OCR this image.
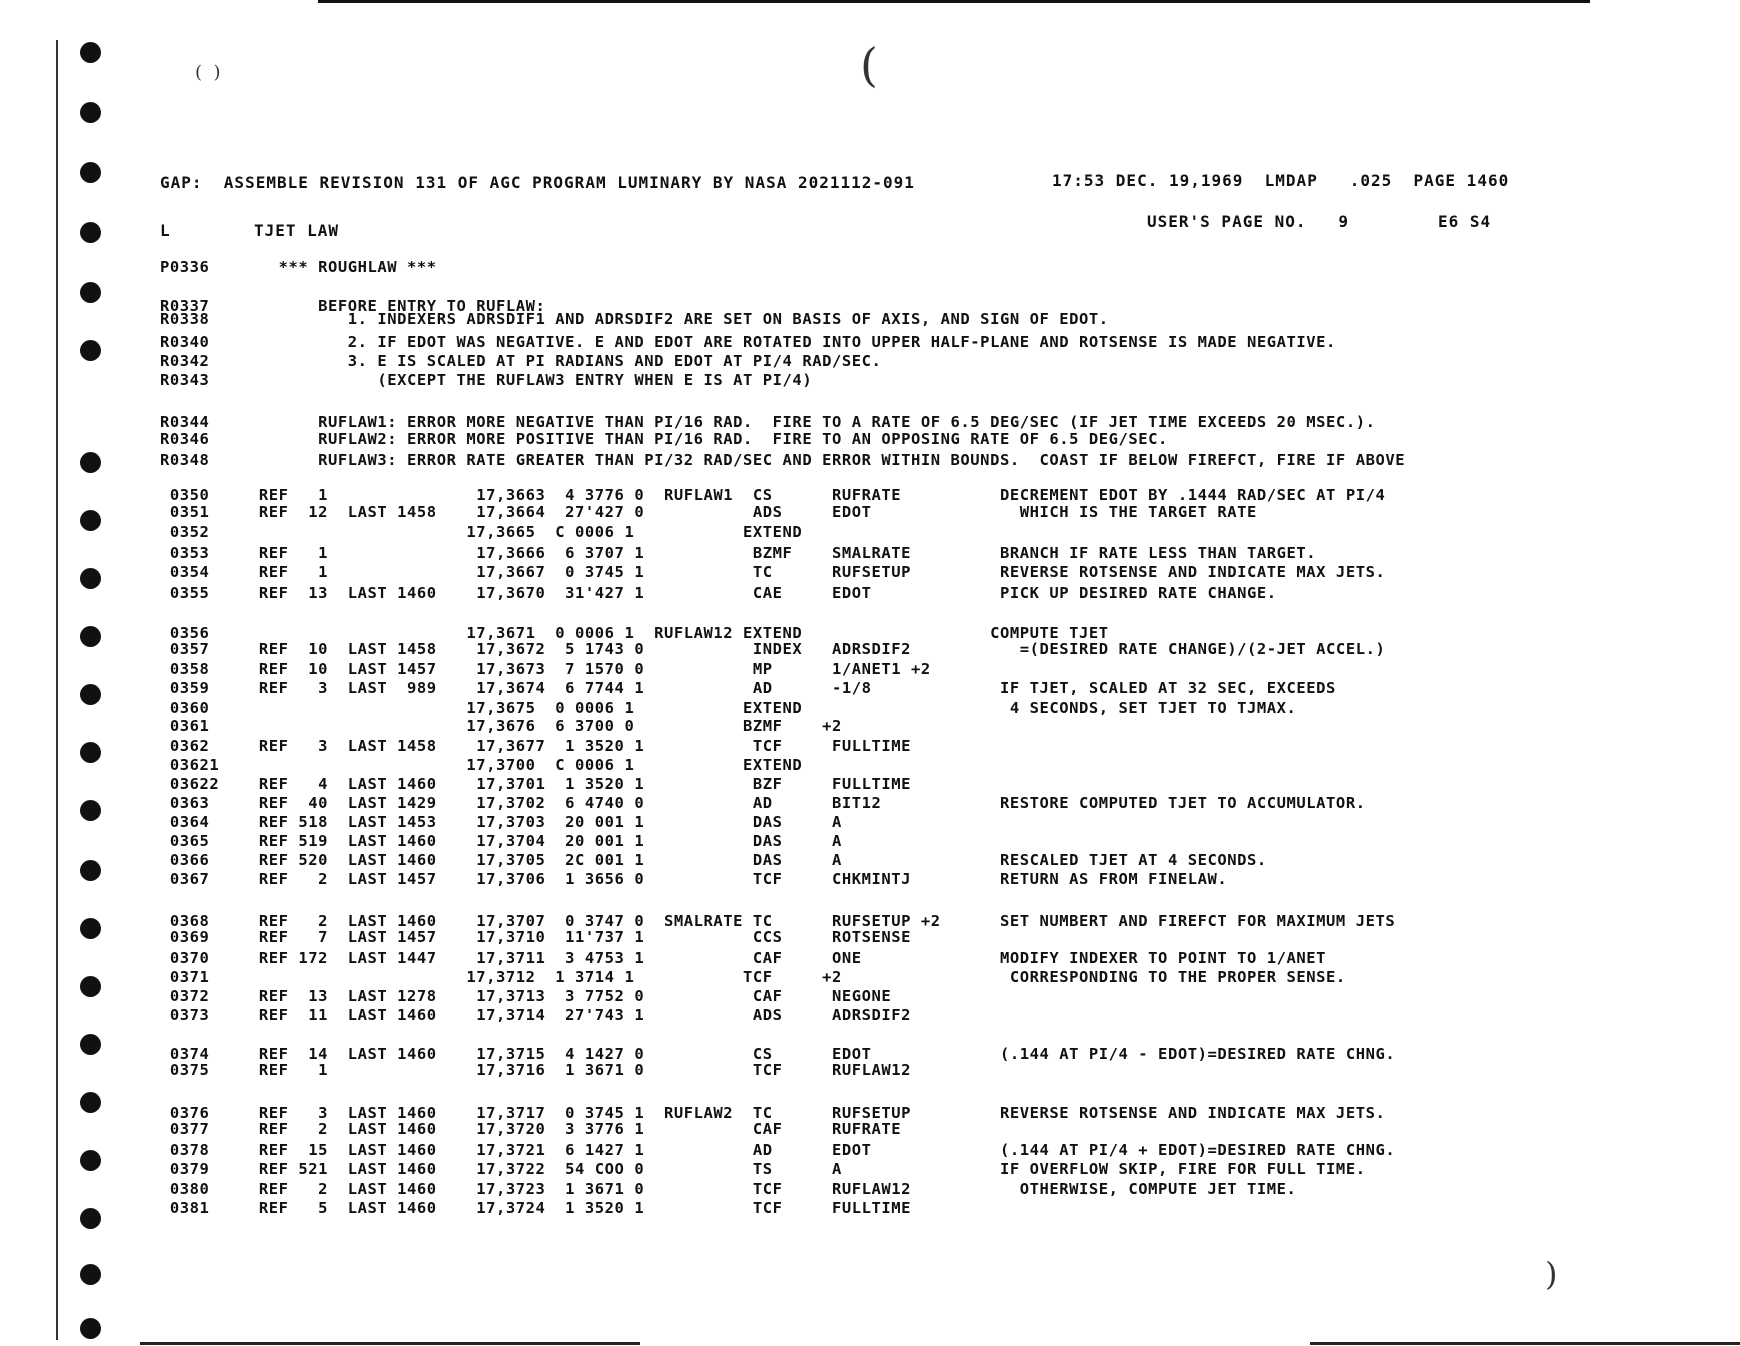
(
(  )
)
GAP:  ASSEMBLE REVISION 131 OF AGC PROGRAM LUMINARY BY NASA 2021112-091	17:53 DEC. 19,1969  LMDAP   .025  PAGE 1460
L	TJET LAW	USER'S PAGE NO.   9	E6 S4
P0336       *** ROUGHLAW ***
R0337           BEFORE ENTRY TO RUFLAW:
R0338              1. INDEXERS ADRSDIF1 AND ADRSDIF2 ARE SET ON BASIS OF AXIS, AND SIGN OF EDOT.
R0340              2. IF EDOT WAS NEGATIVE. E AND EDOT ARE ROTATED INTO UPPER HALF-PLANE AND ROTSENSE IS MADE NEGATIVE.
R0342              3. E IS SCALED AT PI RADIANS AND EDOT AT PI/4 RAD/SEC.
R0343                 (EXCEPT THE RUFLAW3 ENTRY WHEN E IS AT PI/4)
R0344           RUFLAW1: ERROR MORE NEGATIVE THAN PI/16 RAD.  FIRE TO A RATE OF 6.5 DEG/SEC (IF JET TIME EXCEEDS 20 MSEC.).
R0346           RUFLAW2: ERROR MORE POSITIVE THAN PI/16 RAD.  FIRE TO AN OPPOSING RATE OF 6.5 DEG/SEC.
R0348           RUFLAW3: ERROR RATE GREATER THAN PI/32 RAD/SEC AND ERROR WITHIN BOUNDS.  COAST IF BELOW FIREFCT, FIRE IF ABOVE
0350     REF   1               17,3663  4 3776 0  RUFLAW1  CS      RUFRATE          DECREMENT EDOT BY .1444 RAD/SEC AT PI/4
0351     REF  12  LAST 1458    17,3664  27'427 0           ADS     EDOT               WHICH IS THE TARGET RATE
0352                          17,3665  C 0006 1           EXTEND
0353     REF   1               17,3666  6 3707 1           BZMF    SMALRATE         BRANCH IF RATE LESS THAN TARGET.
0354     REF   1               17,3667  0 3745 1           TC      RUFSETUP         REVERSE ROTSENSE AND INDICATE MAX JETS.
0355     REF  13  LAST 1460    17,3670  31'427 1           CAE     EDOT             PICK UP DESIRED RATE CHANGE.
0356                          17,3671  0 0006 1  RUFLAW12 EXTEND                   COMPUTE TJET
0357     REF  10  LAST 1458    17,3672  5 1743 0           INDEX   ADRSDIF2           =(DESIRED RATE CHANGE)/(2-JET ACCEL.)
0358     REF  10  LAST 1457    17,3673  7 1570 0           MP      1/ANET1 +2
0359     REF   3  LAST  989    17,3674  6 7744 1           AD      -1/8             IF TJET, SCALED AT 32 SEC, EXCEEDS
0360                          17,3675  0 0006 1           EXTEND                     4 SECONDS, SET TJET TO TJMAX.
0361                          17,3676  6 3700 0           BZMF    +2
0362     REF   3  LAST 1458    17,3677  1 3520 1           TCF     FULLTIME
03621                         17,3700  C 0006 1           EXTEND
03622    REF   4  LAST 1460    17,3701  1 3520 1           BZF     FULLTIME
0363     REF  40  LAST 1429    17,3702  6 4740 0           AD      BIT12            RESTORE COMPUTED TJET TO ACCUMULATOR.
0364     REF 518  LAST 1453    17,3703  20 001 1           DAS     A
0365     REF 519  LAST 1460    17,3704  20 001 1           DAS     A
0366     REF 520  LAST 1460    17,3705  2C 001 1           DAS     A                RESCALED TJET AT 4 SECONDS.
0367     REF   2  LAST 1457    17,3706  1 3656 0           TCF     CHKMINTJ         RETURN AS FROM FINELAW.
0368     REF   2  LAST 1460    17,3707  0 3747 0  SMALRATE TC      RUFSETUP +2      SET NUMBERT AND FIREFCT FOR MAXIMUM JETS
0369     REF   7  LAST 1457    17,3710  11'737 1           CCS     ROTSENSE
0370     REF 172  LAST 1447    17,3711  3 4753 1           CAF     ONE              MODIFY INDEXER TO POINT TO 1/ANET
0371                          17,3712  1 3714 1           TCF     +2                 CORRESPONDING TO THE PROPER SENSE.
0372     REF  13  LAST 1278    17,3713  3 7752 0           CAF     NEGONE
0373     REF  11  LAST 1460    17,3714  27'743 1           ADS     ADRSDIF2
0374     REF  14  LAST 1460    17,3715  4 1427 0           CS      EDOT             (.144 AT PI/4 - EDOT)=DESIRED RATE CHNG.
0375     REF   1               17,3716  1 3671 0           TCF     RUFLAW12
0376     REF   3  LAST 1460    17,3717  0 3745 1  RUFLAW2  TC      RUFSETUP         REVERSE ROTSENSE AND INDICATE MAX JETS.
0377     REF   2  LAST 1460    17,3720  3 3776 1           CAF     RUFRATE
0378     REF  15  LAST 1460    17,3721  6 1427 1           AD      EDOT             (.144 AT PI/4 + EDOT)=DESIRED RATE CHNG.
0379     REF 521  LAST 1460    17,3722  54 COO 0           TS      A                IF OVERFLOW SKIP, FIRE FOR FULL TIME.
0380     REF   2  LAST 1460    17,3723  1 3671 0           TCF     RUFLAW12           OTHERWISE, COMPUTE JET TIME.
0381     REF   5  LAST 1460    17,3724  1 3520 1           TCF     FULLTIME
